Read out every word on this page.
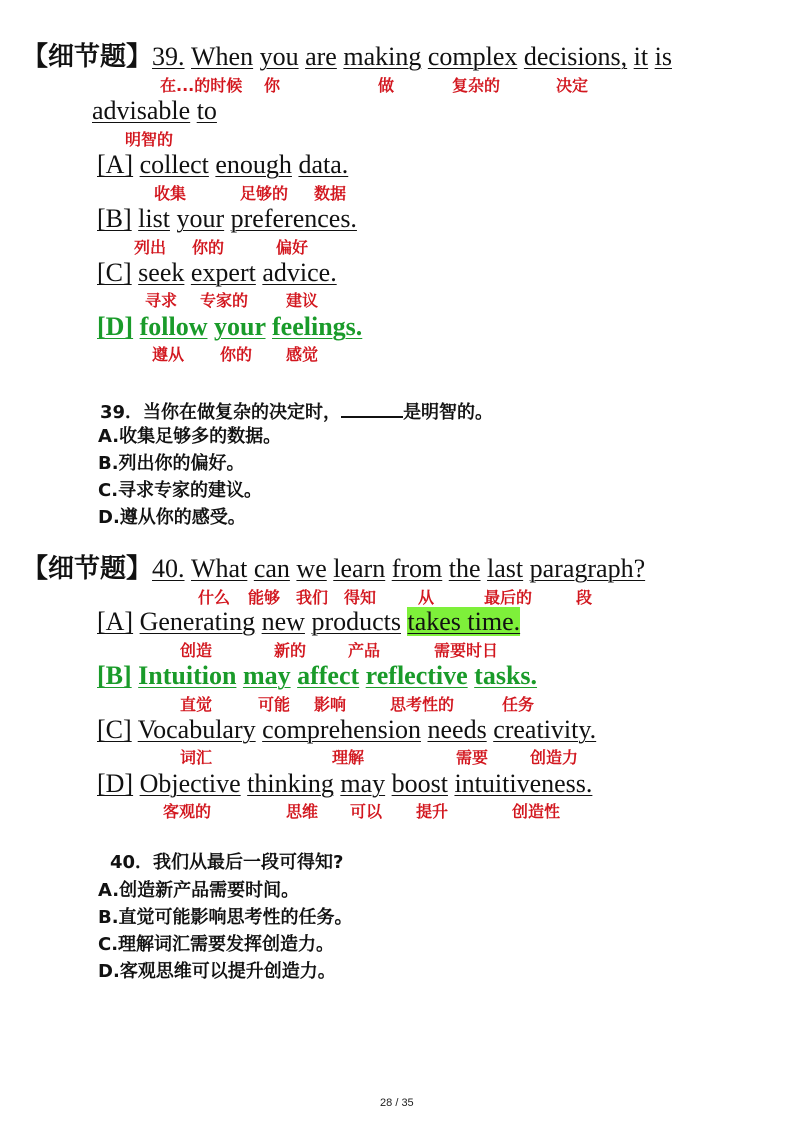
【细节题】39. When you are making complex decisions, it is
在...的时候 你	做	复杂的	决定
advisable to
明智的
[A] collect enough data.
收集	足够的 数据
[B] list your preferences.
列出 你的	偏好
[C] seek expert advice.
寻求 专家的 建议
[D] follow your feelings.
遵从 你的 感觉
39．当你在做复杂的决定时，	是明智的。
A.收集足够多的数据。
B.列出你的偏好。
C.寻求专家的建议。
D.遵从你的感受。
【细节题】40. What can we learn from the last paragraph?
什么 能够 我们 得知	从	最后的	段
[A] Generating new products takes time.
创造	新的	产品	需要时日
[B] Intuition may affect reflective tasks.
直觉	可能 影响	思考性的	任务
[C] Vocabulary comprehension needs creativity.
词汇	理解	需要	创造力
[D] Objective thinking may boost intuitiveness.
客观的	思维 可以 提升	创造性
40．我们从最后一段可得知?
A.创造新产品需要时间。
B.直觉可能影响思考性的任务。
C.理解词汇需要发挥创造力。
D.客观思维可以提升创造力。
28 / 35
